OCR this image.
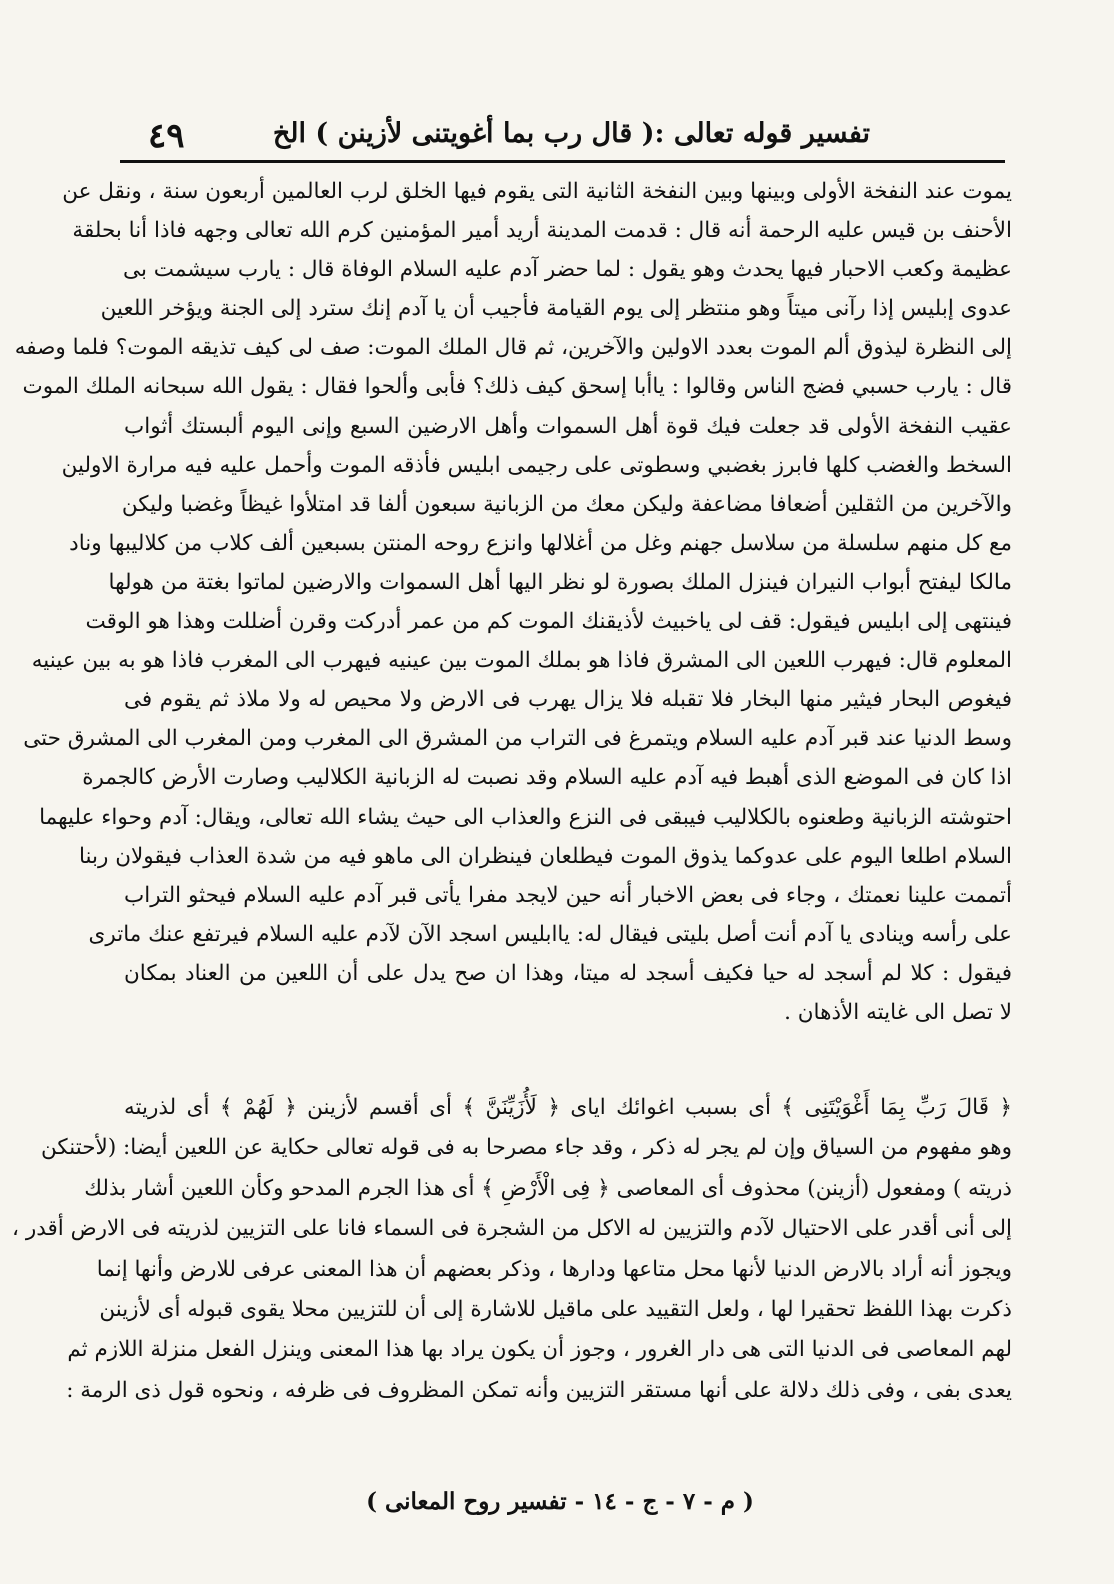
٤٩	تفسير قوله تعالى :( قال رب بما أغويتنى لأزينن ) الخ
يموت عند النفخة الأولى وبينها وبين النفخة الثانية التى يقوم فيها الخلق لرب العالمين أربعون سنة ، ونقل عن
الأحنف بن قيس عليه الرحمة أنه قال : قدمت المدينة أريد أمير المؤمنين كرم الله تعالى وجهه فاذا أنا بحلقة
عظيمة وكعب الاحبار فيها يحدث وهو يقول : لما حضر آدم عليه السلام الوفاة قال : يارب سيشمت بى
عدوى إبليس إذا رآنى ميتاً وهو منتظر إلى يوم القيامة فأجيب أن يا آدم إنك سترد إلى الجنة ويؤخر اللعين
إلى النظرة ليذوق ألم الموت بعدد الاولين والآخرين، ثم قال الملك الموت: صف لى كيف تذيقه الموت؟ فلما وصفه
قال : يارب حسبي فضج الناس وقالوا : ياأبا إسحق كيف ذلك؟ فأبى وألحوا فقال : يقول الله سبحانه الملك الموت
عقيب النفخة الأولى قد جعلت فيك قوة أهل السموات وأهل الارضين السبع وإنى اليوم ألبستك أثواب
السخط والغضب كلها فابرز بغضبي وسطوتى على رجيمى ابليس فأذقه الموت وأحمل عليه فيه مرارة الاولين
والآخرين من الثقلين أضعافا مضاعفة وليكن معك من الزبانية سبعون ألفا قد امتلأوا غيظاً وغضبا وليكن
مع كل منهم سلسلة من سلاسل جهنم وغل من أغلالها وانزع روحه المنتن بسبعين ألف كلاب من كلاليبها وناد
مالكا ليفتح أبواب النيران فينزل الملك بصورة لو نظر اليها أهل السموات والارضين لماتوا بغتة من هولها
فينتهى إلى ابليس فيقول: قف لى ياخبيث لأذيقنك الموت كم من عمر أدركت وقرن أضللت وهذا هو الوقت
المعلوم قال: فيهرب اللعين الى المشرق فاذا هو بملك الموت بين عينيه فيهرب الى المغرب فاذا هو به بين عينيه
فيغوص البحار فيثير منها البخار فلا تقبله فلا يزال يهرب فى الارض ولا محيص له ولا ملاذ ثم يقوم فى
وسط الدنيا عند قبر آدم عليه السلام ويتمرغ فى التراب من المشرق الى المغرب ومن المغرب الى المشرق حتى
اذا كان فى الموضع الذى أهبط فيه آدم عليه السلام وقد نصبت له الزبانية الكلاليب وصارت الأرض كالجمرة
احتوشته الزبانية وطعنوه بالكلاليب فيبقى فى النزع والعذاب الى حيث يشاء الله تعالى، ويقال: آدم وحواء عليهما
السلام اطلعا اليوم على عدوكما يذوق الموت فيطلعان فينظران الى ماهو فيه من شدة العذاب فيقولان ربنا
أتممت علينا نعمتك ، وجاء فى بعض الاخبار أنه حين لايجد مفرا يأتى قبر آدم عليه السلام فيحثو التراب
على رأسه وينادى يا آدم أنت أصل بليتى فيقال له: ياابليس اسجد الآن لآدم عليه السلام فيرتفع عنك ماترى
فيقول : كلا لم أسجد له حيا فكيف أسجد له ميتا، وهذا ان صح يدل على أن اللعين من العناد بمكان
لا تصل الى غايته الأذهان .
﴿ قَالَ رَبِّ بِمَا أَغْوَيْتَنِى ﴾ أى بسبب اغوائك اياى ﴿ لَأُزَيِّنَنَّ ﴾ أى أقسم لأزينن ﴿ لَهُمْ ﴾ أى لذريته
وهو مفهوم من السياق وإن لم يجر له ذكر ، وقد جاء مصرحا به فى قوله تعالى حكاية عن اللعين أيضا: (لأحتنكن
ذريته ) ومفعول (أزينن) محذوف أى المعاصى ﴿ فِى الْأَرْضِ ﴾ أى هذا الجرم المدحو وكأن اللعين أشار بذلك
إلى أنى أقدر على الاحتيال لآدم والتزيين له الاكل من الشجرة فى السماء فانا على التزيين لذريته فى الارض أقدر ،
ويجوز أنه أراد بالارض الدنيا لأنها محل متاعها ودارها ، وذكر بعضهم أن هذا المعنى عرفى للارض وأنها إنما
ذكرت بهذا اللفظ تحقيرا لها ، ولعل التقييد على ماقيل للاشارة إلى أن للتزيين محلا يقوى قبوله أى لأزينن
لهم المعاصى فى الدنيا التى هى دار الغرور ، وجوز أن يكون يراد بها هذا المعنى وينزل الفعل منزلة اللازم ثم
يعدى بفى ، وفى ذلك دلالة على أنها مستقر التزيين وأنه تمكن المظروف فى ظرفه ، ونحوه قول ذى الرمة :
( م - ٧ - ج - ١٤ - تفسير روح المعانى )
